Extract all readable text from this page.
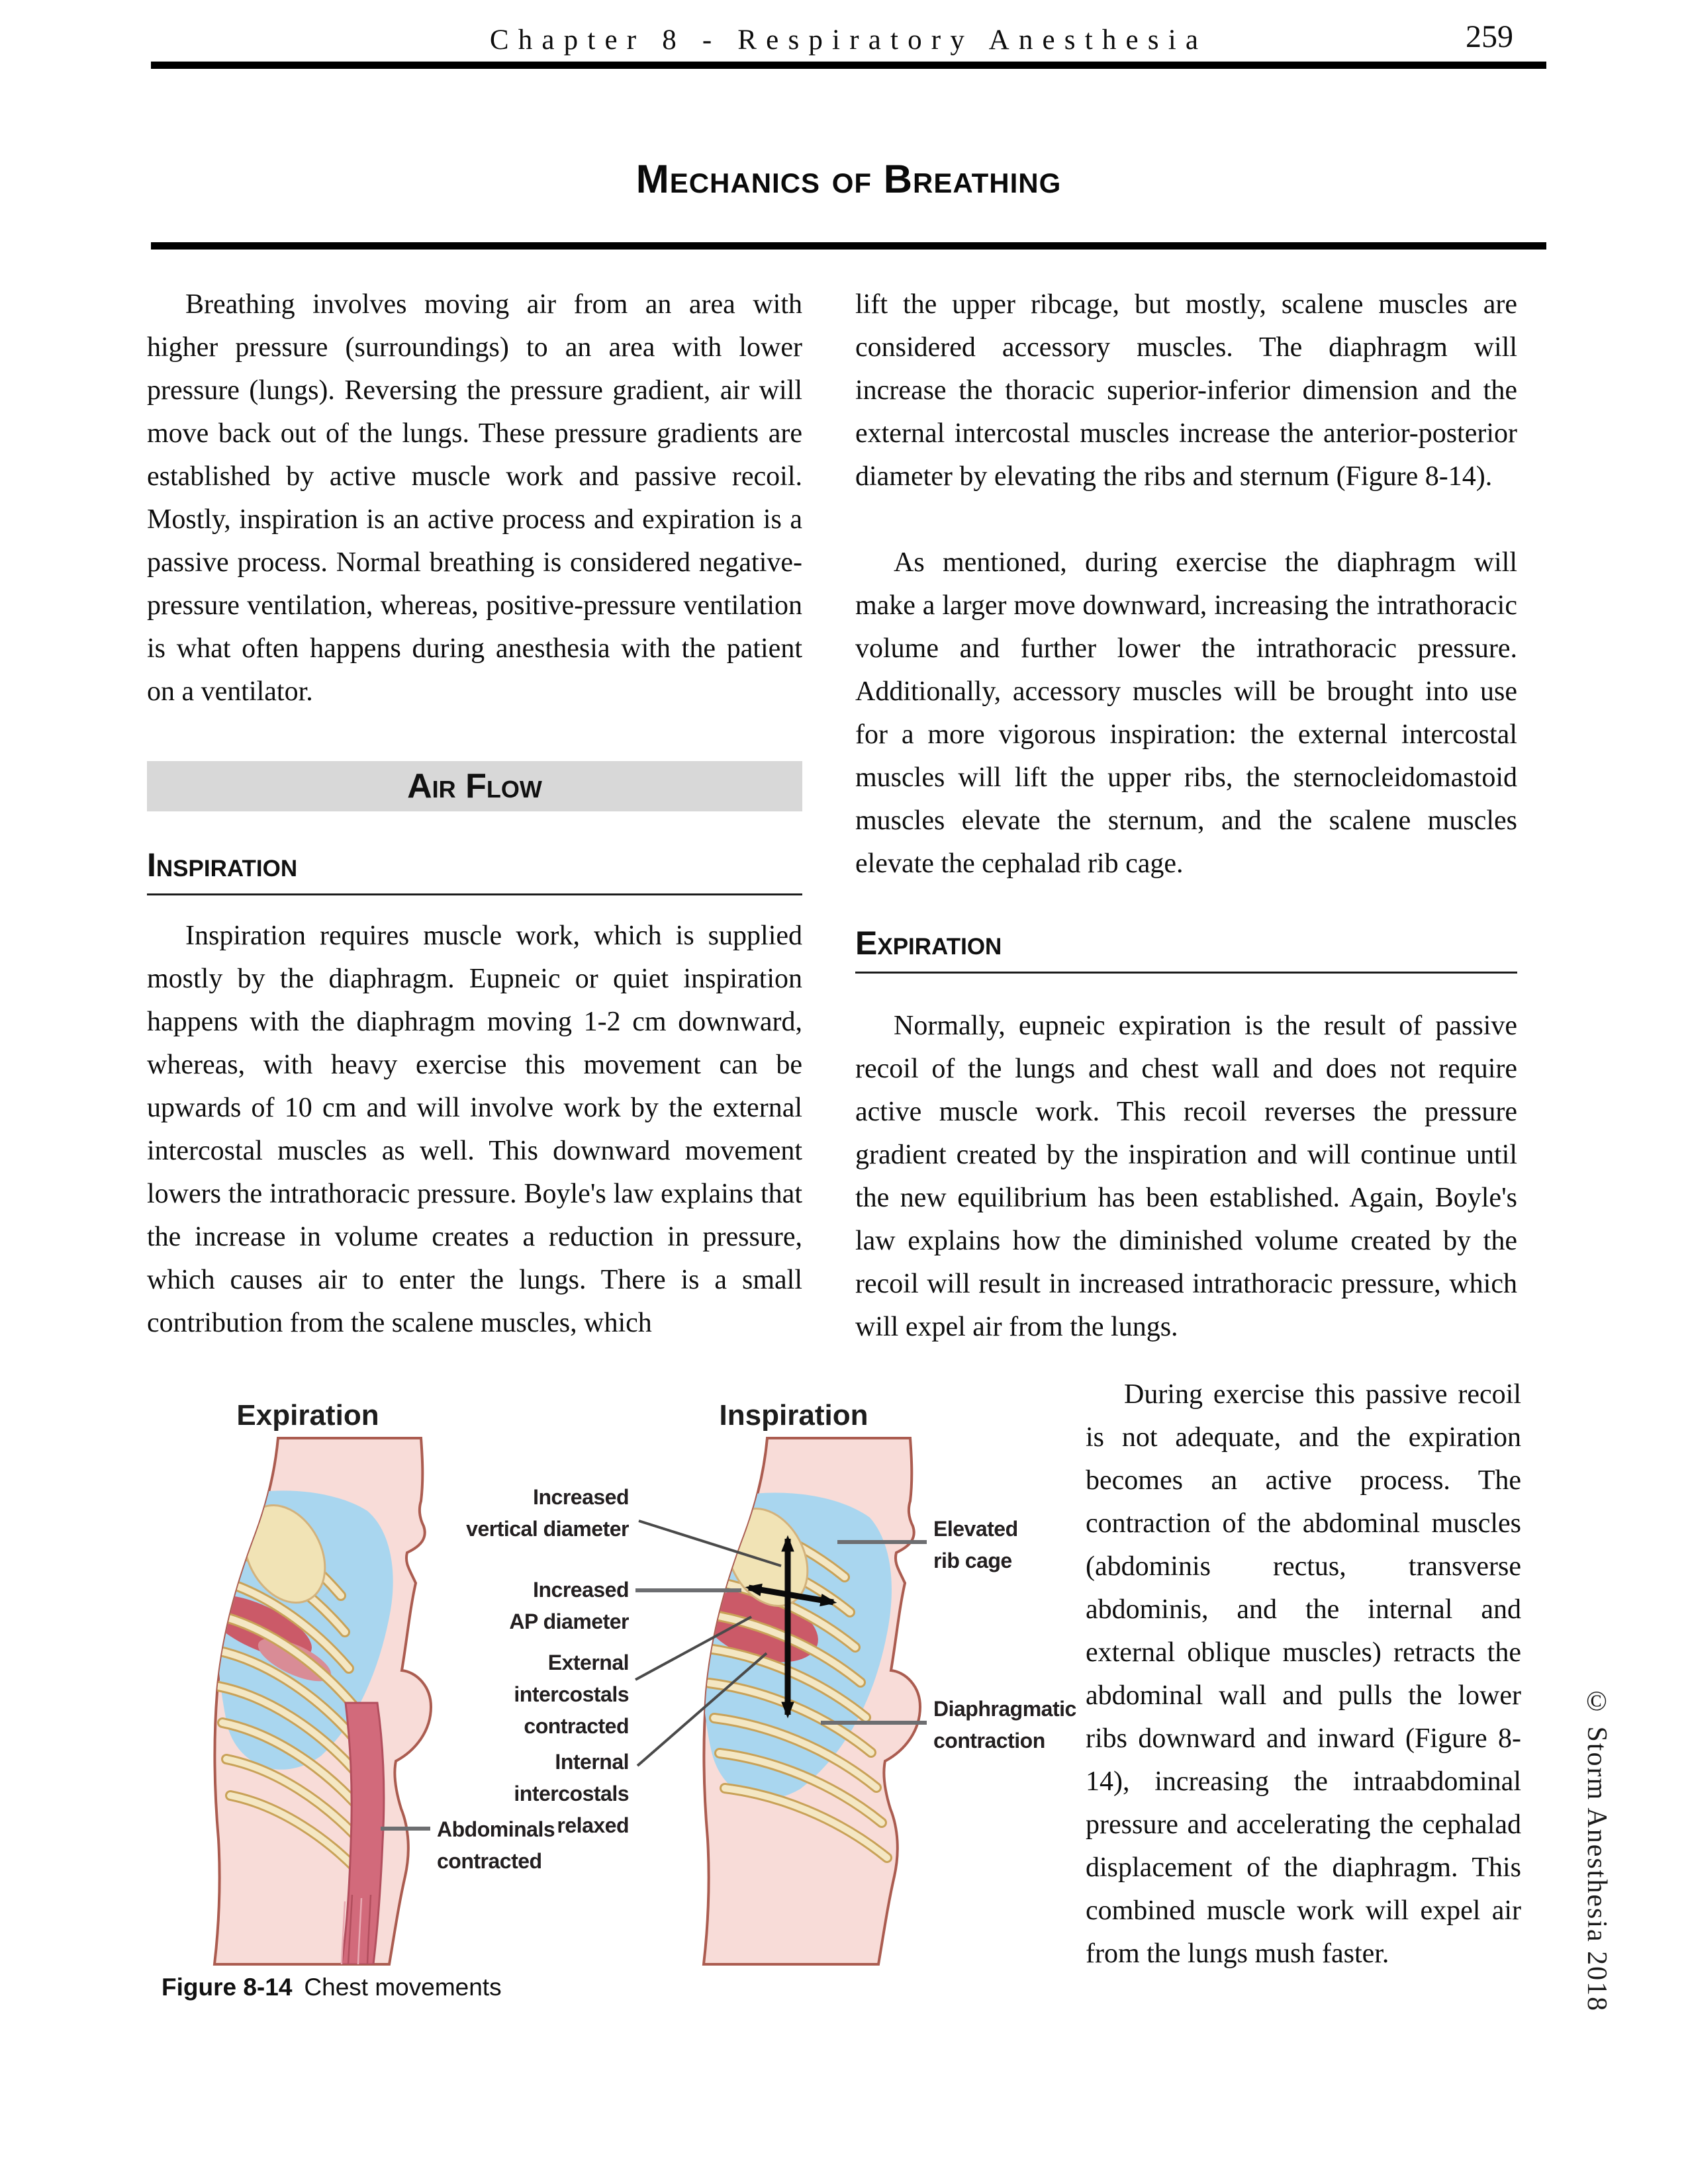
Chapter 8 - Respiratory Anesthesia	259
Mechanics of Breathing

Breathing involves moving air from an area with higher pressure (surroundings) to an area with lower pressure (lungs). Reversing the pressure gradient, air will move back out of the lungs. These pressure gradients are established by active muscle work and passive recoil. Mostly, inspiration is an active process and expiration is a passive process. Normal breathing is considered negative-pressure ventilation, whereas, positive-pressure ventilation is what often happens during anesthesia with the patient on a ventilator.

Air Flow
Inspiration

Inspiration requires muscle work, which is supplied mostly by the diaphragm. Eupneic or quiet inspiration happens with the diaphragm moving 1-2 cm downward, whereas, with heavy exercise this movement can be upwards of 10 cm and will involve work by the external intercostal muscles as well. This downward movement lowers the intrathoracic pressure. Boyle's law explains that the increase in volume creates a reduction in pressure, which causes air to enter the lungs. There is a small contribution from the scalene muscles, which

lift the upper ribcage, but mostly, scalene muscles are considered accessory muscles. The diaphragm will increase the thoracic superior-inferior dimension and the external intercostal muscles increase the anterior-posterior diameter by elevating the ribs and sternum (Figure 8-14).

As mentioned, during exercise the diaphragm will make a larger move downward, increasing the intrathoracic volume and further lower the intrathoracic pressure. Additionally, accessory muscles will be brought into use for a more vigorous inspiration: the external intercostal muscles will lift the upper ribs, the sternocleidomastoid muscles elevate the sternum, and the scalene muscles elevate the cephalad rib cage.

Expiration

Normally, eupneic expiration is the result of passive recoil of the lungs and chest wall and does not require active muscle work. This recoil reverses the pressure gradient created by the inspiration and will continue until the new equilibrium has been established. Again, Boyle's law explains how the diminished volume created by the recoil will result in increased intrathoracic pressure, which will expel air from the lungs.

During exercise this passive recoil is not adequate, and the expiration becomes an active process. The contraction of the abdominal muscles (abdominis rectus, transverse abdominis, and the internal and external oblique muscles) retracts the abdominal wall and pulls the lower ribs downward and inward (Figure 8-14), increasing the intraabdominal pressure and accelerating the cephalad displacement of the diaphragm. This combined muscle work will expel air from the lungs mush faster.

Expiration	Inspiration
Increased
vertical diameter
Increased
AP diameter
External
intercostals
contracted
Internal
intercostals
relaxed
Abdominals
contracted
Elevated
rib cage
Diaphragmatic
contraction
Figure 8-14 Chest movements	© Storm Anesthesia 2018
